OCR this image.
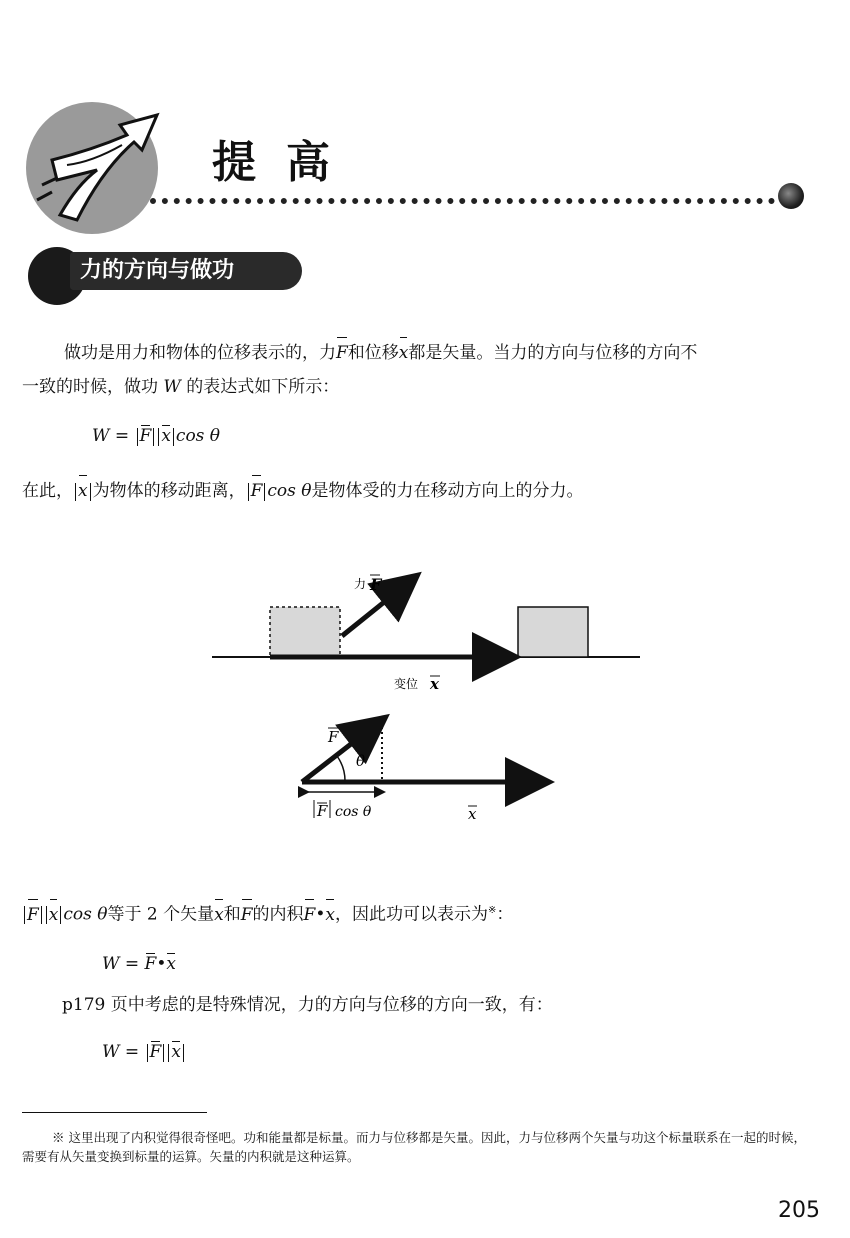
提高
力的方向与做功
做功是用力和物体的位移表示的，力F和位移x都是矢量。当力的方向与位移的方向不
一致的时候，做功 W 的表达式如下所示：
W = F x cos θ
在此， x 为物体的移动距离， F cos θ是物体受的力在移动方向上的分力。
力 F
变位 x
θ
F
F cos θ	x
F x cos θ等于 2 个矢量x和F的内积F•x，因此功可以表示为※：
W = F•x
p179 页中考虑的是特殊情况，力的方向与位移的方向一致，有：
W = F x
※ 这里出现了内积觉得很奇怪吧。功和能量都是标量。而力与位移都是矢量。因此，力与位移两个矢量与功这个标量联系在一起的时候，需要有从矢量变换到标量的运算。矢量的内积就是这种运算。
205
